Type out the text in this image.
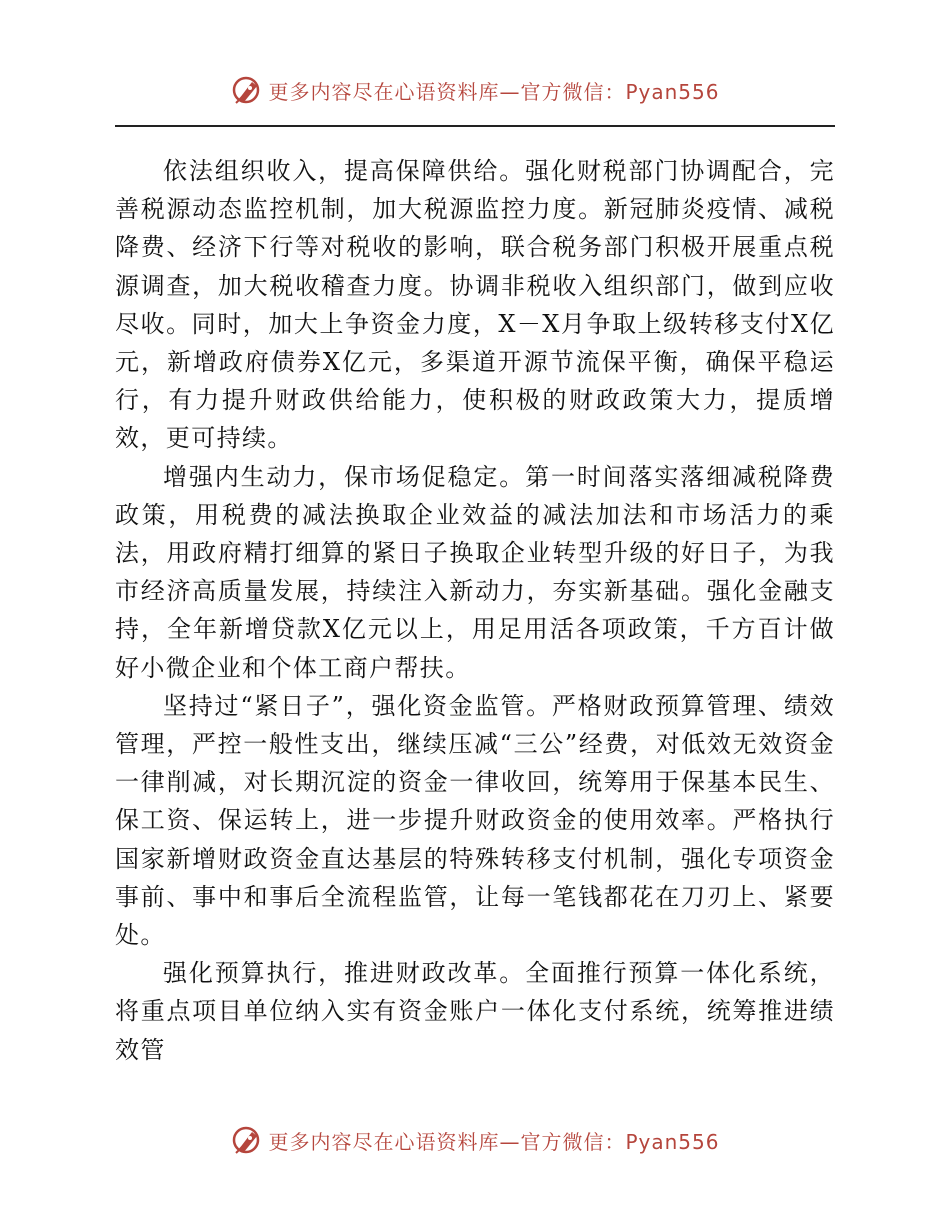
更多内容尽在心语资料库—官方微信：Pyan556

依法组织收入，提高保障供给。强化财税部门协调配合，完善税源动态监控机制，加大税源监控力度。新冠肺炎疫情、减税降费、经济下行等对税收的影响，联合税务部门积极开展重点税源调查，加大税收稽查力度。协调非税收入组织部门，做到应收尽收。同时，加大上争资金力度，X－X月争取上级转移支付X亿元，新增政府债券X亿元，多渠道开源节流保平衡，确保平稳运行，有力提升财政供给能力，使积极的财政政策大力，提质增效，更可持续。

增强内生动力，保市场促稳定。第一时间落实落细减税降费政策，用税费的减法换取企业效益的减法加法和市场活力的乘法，用政府精打细算的紧日子换取企业转型升级的好日子，为我市经济高质量发展，持续注入新动力，夯实新基础。强化金融支持，全年新增贷款X亿元以上，用足用活各项政策，千方百计做好小微企业和个体工商户帮扶。

坚持过“紧日子”，强化资金监管。严格财政预算管理、绩效管理，严控一般性支出，继续压减“三公”经费，对低效无效资金一律削减，对长期沉淀的资金一律收回，统筹用于保基本民生、保工资、保运转上，进一步提升财政资金的使用效率。严格执行国家新增财政资金直达基层的特殊转移支付机制，强化专项资金事前、事中和事后全流程监管，让每一笔钱都花在刀刃上、紧要处。

强化预算执行，推进财政改革。全面推行预算一体化系统，将重点项目单位纳入实有资金账户一体化支付系统，统筹推进绩效管

更多内容尽在心语资料库—官方微信：Pyan556
